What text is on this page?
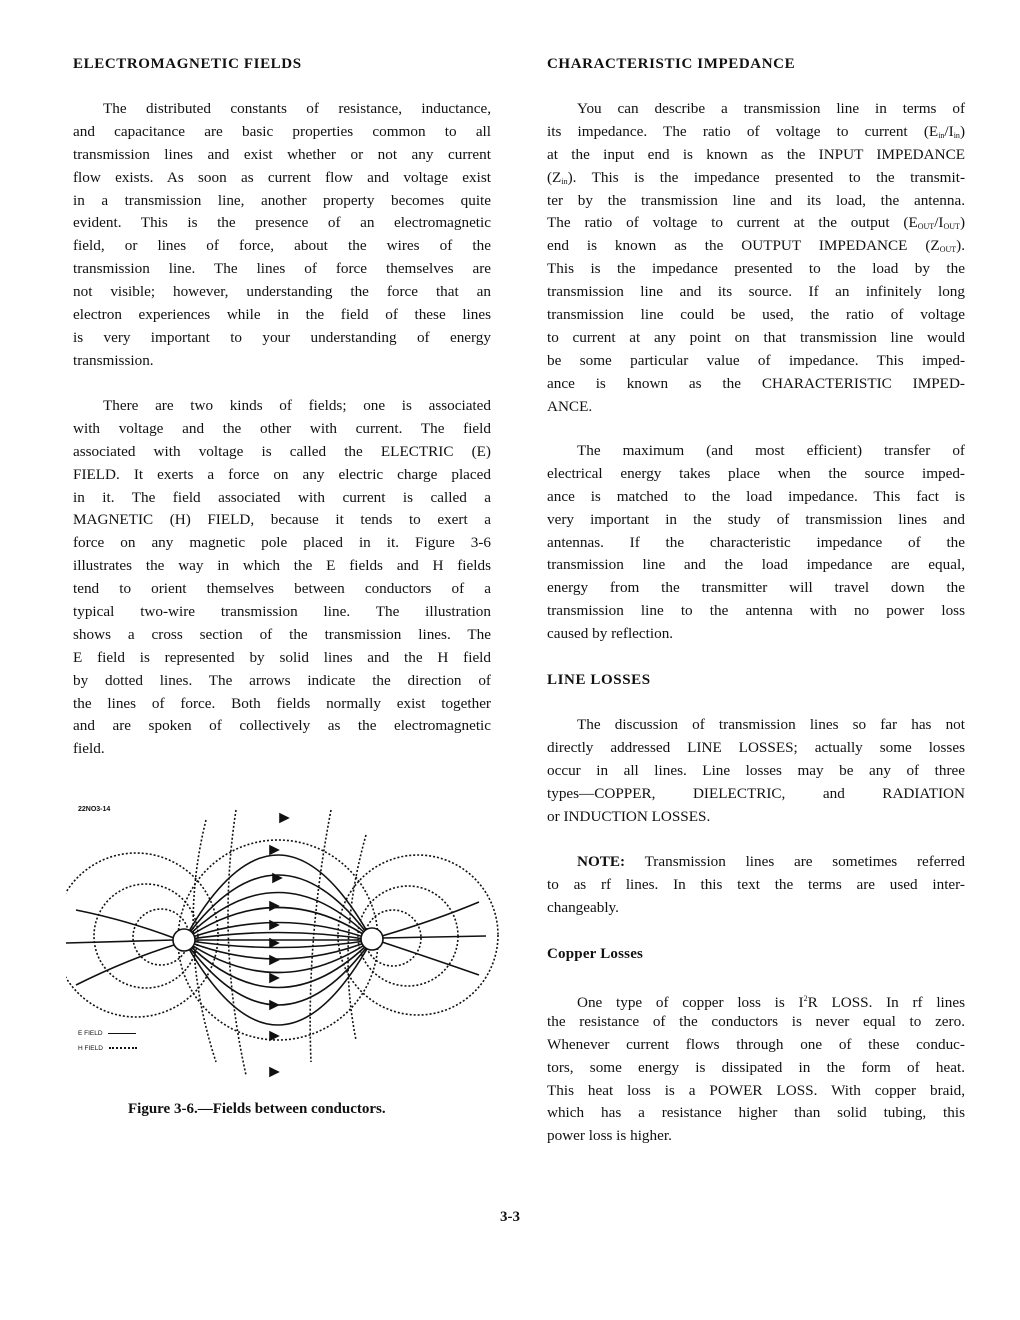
ELECTROMAGNETIC FIELDS
The distributed constants of resistance, inductance,
and capacitance are basic properties common to all
transmission lines and exist whether or not any current
flow exists. As soon as current flow and voltage exist
in a transmission line, another property becomes quite
evident. This is the presence of an electromagnetic
field, or lines of force, about the wires of the
transmission line. The lines of force themselves are
not visible; however, understanding the force that an
electron experiences while in the field of these lines
is very important to your understanding of energy
transmission.
There are two kinds of fields; one is associated
with voltage and the other with current. The field
associated with voltage is called the ELECTRIC (E)
FIELD. It exerts a force on any electric charge placed
in it. The field associated with current is called a
MAGNETIC (H) FIELD, because it tends to exert a
force on any magnetic pole placed in it. Figure 3-6
illustrates the way in which the E fields and H fields
tend to orient themselves between conductors of a
typical two-wire transmission line. The illustration
shows a cross section of the transmission lines. The
E field is represented by solid lines and the H field
by dotted lines. The arrows indicate the direction of
the lines of force. Both fields normally exist together
and are spoken of collectively as the electromagnetic
field.
22NO3-14
E FIELD
H FIELD
Figure 3-6.—Fields between conductors.
CHARACTERISTIC IMPEDANCE
You can describe a transmission line in terms of
its impedance. The ratio of voltage to current $(E_{in}/I_{in})$
at the input end is known as the INPUT IMPEDANCE
$(Z_{in})$. This is the impedance presented to the transmit-
ter by the transmission line and its load, the antenna.
The ratio of voltage to current at the output $(E_{OUT}/I_{OUT})$
end is known as the OUTPUT IMPEDANCE $(Z_{OUT})$.
This is the impedance presented to the load by the
transmission line and its source. If an infinitely long
transmission line could be used, the ratio of voltage
to current at any point on that transmission line would
be some particular value of impedance. This imped-
ance is known as the CHARACTERISTIC IMPED-
ANCE.
The maximum (and most efficient) transfer of
electrical energy takes place when the source imped-
ance is matched to the load impedance. This fact is
very important in the study of transmission lines and
antennas. If the characteristic impedance of the
transmission line and the load impedance are equal,
energy from the transmitter will travel down the
transmission line to the antenna with no power loss
caused by reflection.
LINE LOSSES
The discussion of transmission lines so far has not
directly addressed LINE LOSSES; actually some losses
occur in all lines. Line losses may be any of three
types—COPPER, DIELECTRIC, and RADIATION
or INDUCTION LOSSES.
NOTE: Transmission lines are sometimes referred
to as rf lines. In this text the terms are used inter-
changeably.
Copper Losses
One type of copper loss is $I^2R$ LOSS. In rf lines
the resistance of the conductors is never equal to zero.
Whenever current flows through one of these conduc-
tors, some energy is dissipated in the form of heat.
This heat loss is a POWER LOSS. With copper braid,
which has a resistance higher than solid tubing, this
power loss is higher.
3-3
